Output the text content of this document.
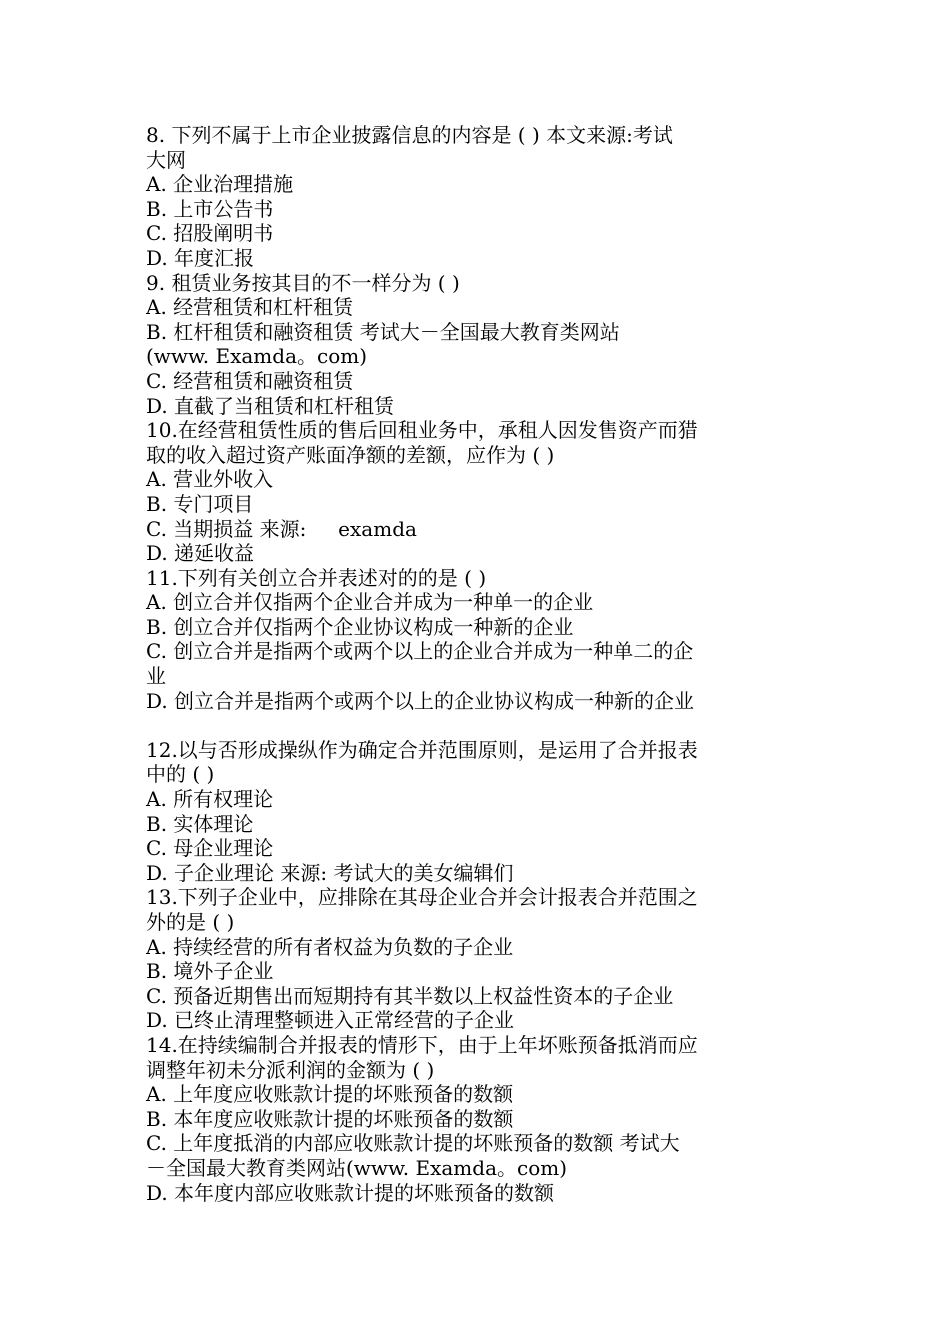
8. 下列不属于上市企业披露信息的内容是 ( ) 本文来源:考试
大网
A. 企业治理措施
B. 上市公告书
C. 招股阐明书
D. 年度汇报
9. 租赁业务按其目的不一样分为 ( )
A. 经营租赁和杠杆租赁
B. 杠杆租赁和融资租赁 考试大－全国最大教育类网站
(www. Examda。com)
C. 经营租赁和融资租赁
D. 直截了当租赁和杠杆租赁
10.在经营租赁性质的售后回租业务中，承租人因发售资产而猎
取的收入超过资产账面净额的差额，应作为 ( )
A. 营业外收入
B. 专门项目
C. 当期损益 来源:     examda
D. 递延收益
11.下列有关创立合并表述对的的是 ( )
A. 创立合并仅指两个企业合并成为一种单一的企业
B. 创立合并仅指两个企业协议构成一种新的企业
C. 创立合并是指两个或两个以上的企业合并成为一种单二的企
业
D. 创立合并是指两个或两个以上的企业协议构成一种新的企业
12.以与否形成操纵作为确定合并范围原则，是运用了合并报表
中的 ( )
A. 所有权理论
B. 实体理论
C. 母企业理论
D. 子企业理论 来源: 考试大的美女编辑们
13.下列子企业中，应排除在其母企业合并会计报表合并范围之
外的是 ( )
A. 持续经营的所有者权益为负数的子企业
B. 境外子企业
C. 预备近期售出而短期持有其半数以上权益性资本的子企业
D. 已终止清理整顿进入正常经营的子企业
14.在持续编制合并报表的情形下，由于上年坏账预备抵消而应
调整年初未分派利润的金额为 ( )
A. 上年度应收账款计提的坏账预备的数额
B. 本年度应收账款计提的坏账预备的数额
C. 上年度抵消的内部应收账款计提的坏账预备的数额 考试大
－全国最大教育类网站(www. Examda。com)
D. 本年度内部应收账款计提的坏账预备的数额
